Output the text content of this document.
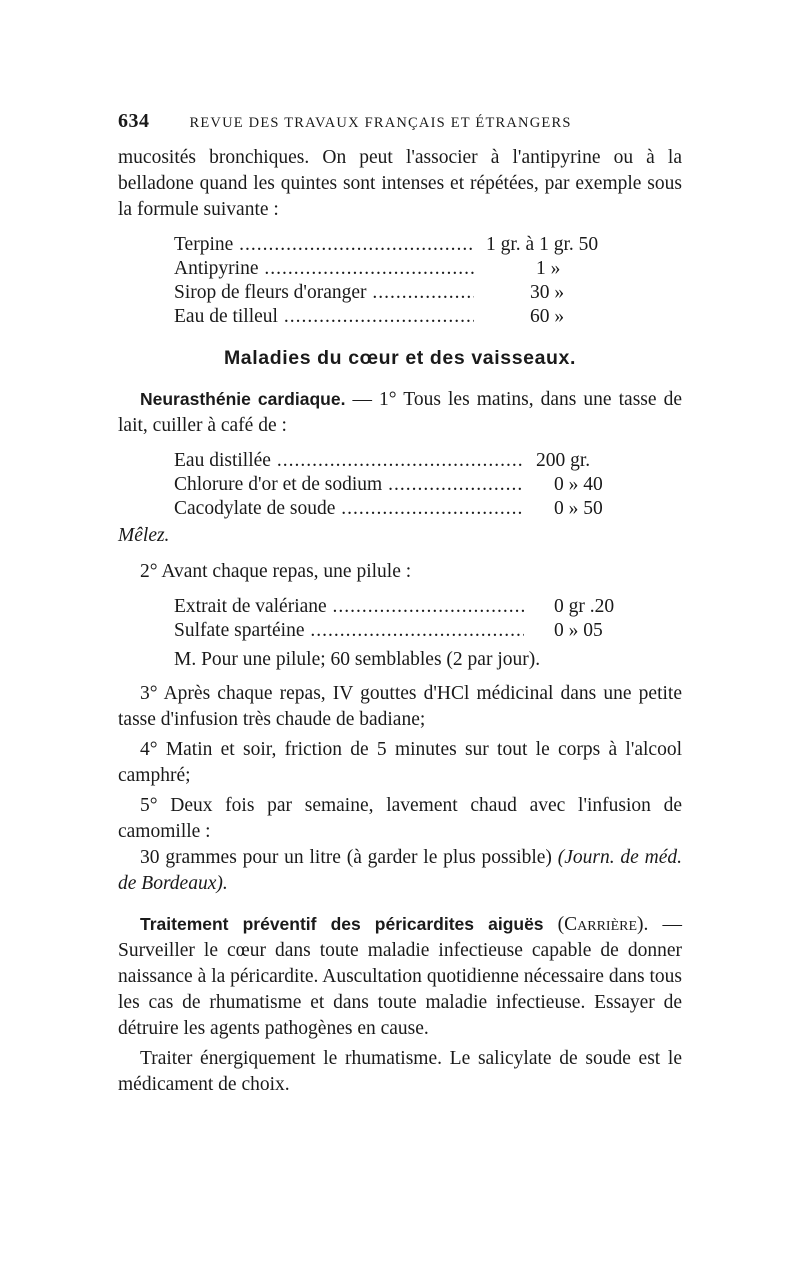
634	REVUE DES TRAVAUX FRANÇAIS ET ÉTRANGERS

mucosités bronchiques. On peut l'associer à l'antipyrine ou à la belladone quand les quintes sont intenses et répétées, par exemple sous la formule suivante :

Terpine .....	1 gr. à 1 gr. 50
Antipyrine .....	1 »
Sirop de fleurs d'oranger .....	30 »
Eau de tilleul .....	60 »
Maladies du cœur et des vaisseaux.

Neurasthénie cardiaque. — 1° Tous les matins, dans une tasse de lait, cuiller à café de :

Eau distillée .....	200 gr.
Chlorure d'or et de sodium .....	0 » 40
Cacodylate de soude .....	0 » 50

Mêlez.

2° Avant chaque repas, une pilule :

Extrait de valériane .....	0 gr .20
Sulfate spartéine .....	0 » 05

M. Pour une pilule; 60 semblables (2 par jour).

3° Après chaque repas, IV gouttes d'HCl médicinal dans une petite tasse d'infusion très chaude de badiane;

4° Matin et soir, friction de 5 minutes sur tout le corps à l'alcool camphré;

5° Deux fois par semaine, lavement chaud avec l'infusion de camomille :

30 grammes pour un litre (à garder le plus possible) (Journ. de méd. de Bordeaux).

Traitement préventif des péricardites aiguës (Carrière). — Surveiller le cœur dans toute maladie infectieuse capable de donner naissance à la péricardite. Auscultation quotidienne nécessaire dans tous les cas de rhumatisme et dans toute maladie infectieuse. Essayer de détruire les agents pathogènes en cause.

Traiter énergiquement le rhumatisme. Le salicylate de soude est le médicament de choix.
